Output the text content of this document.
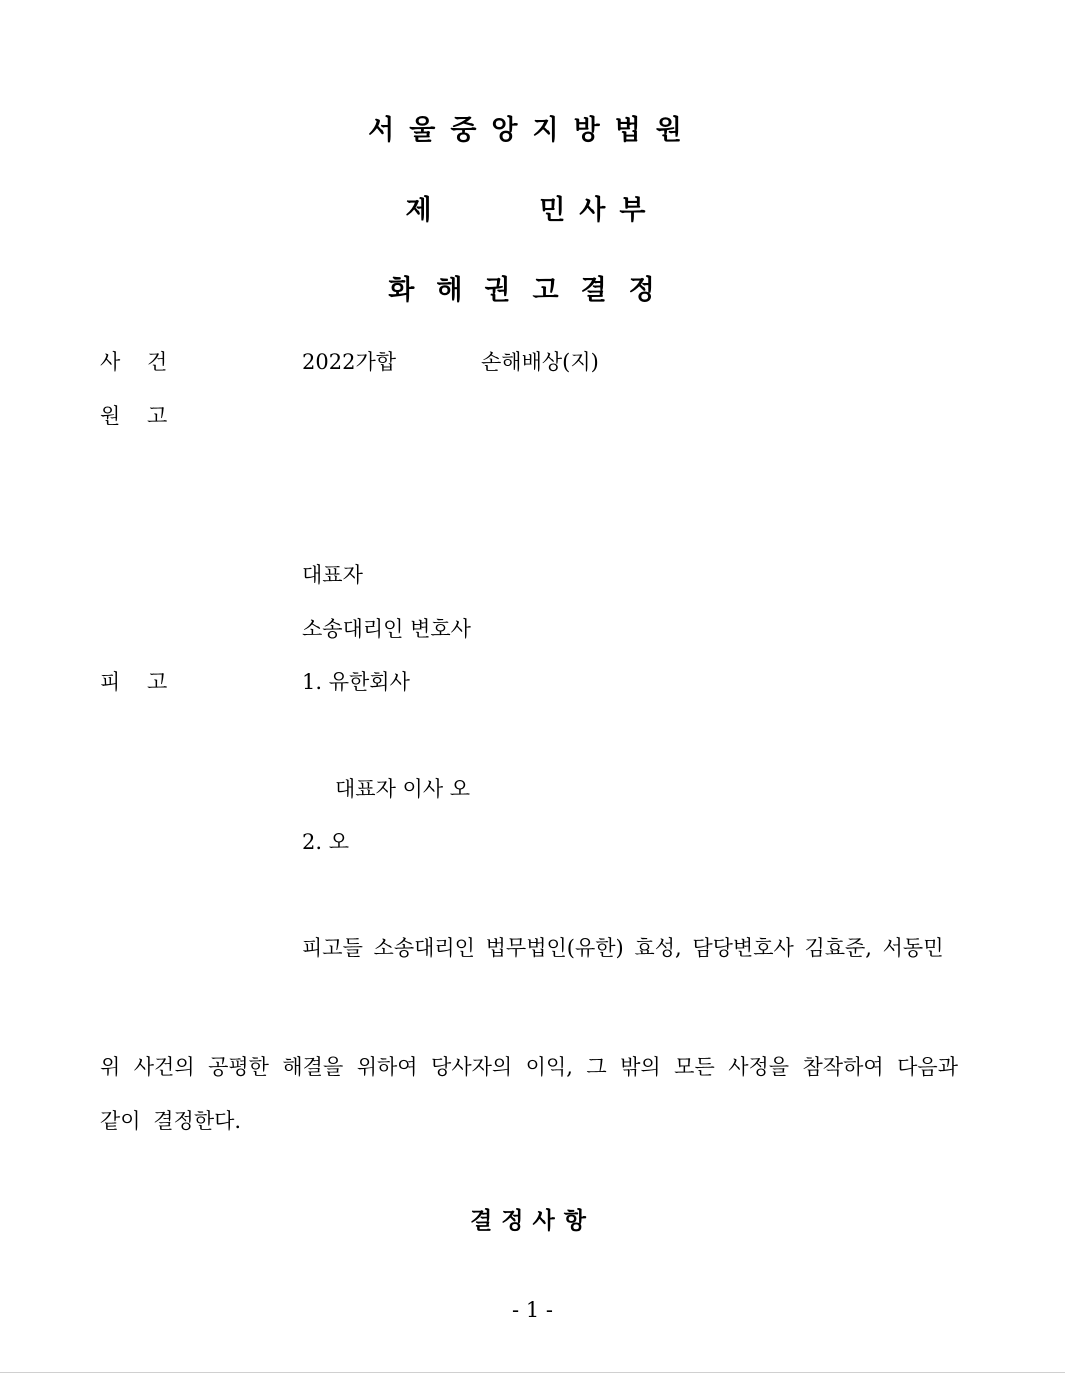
서울중앙지방법원
제    민사부
화해권고결정
사    건	2022가합	손해배상(지)
원    고
대표자
소송대리인 변호사
피    고	1. 유한회사
대표자 이사 오
2. 오
피고들 소송대리인 법무법인(유한) 효성, 담당변호사 김효준, 서동민
위 사건의 공평한 해결을 위하여 당사자의 이익, 그 밖의 모든 사정을 참작하여 다음과 같이 결정한다.
결정사항
- 1 -
